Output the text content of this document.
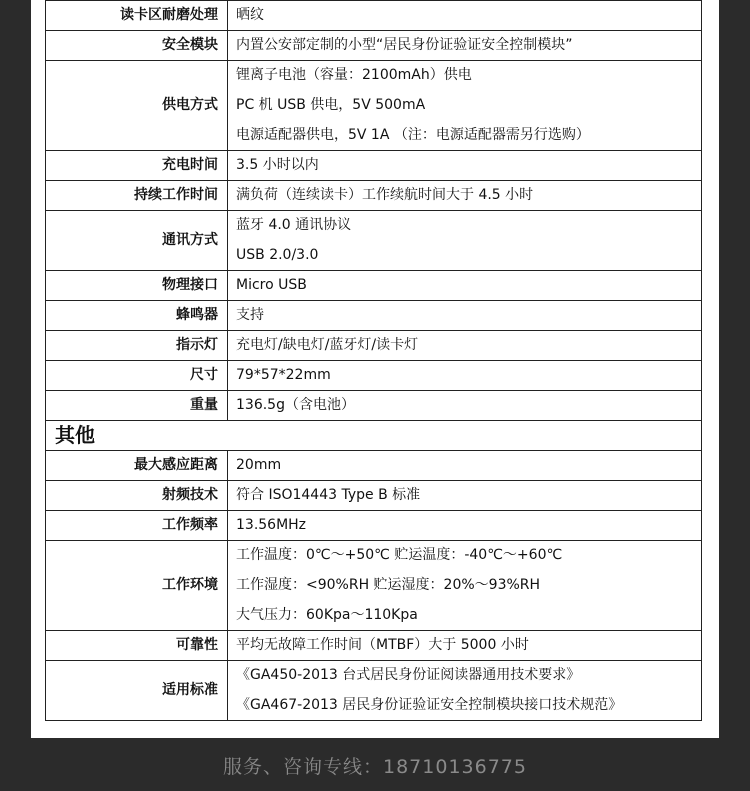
读卡区耐磨处理	晒纹

安全模块	内置公安部定制的小型“居民身份证验证安全控制模块”

供电方式	锂离子电池（容量：2100mAh）供电
PC 机 USB 供电，5V 500mA
电源适配器供电，5V 1A （注：电源适配器需另行选购）

充电时间	3.5 小时以内

持续工作时间	满负荷（连续读卡）工作续航时间大于 4.5 小时

通讯方式	蓝牙 4.0 通讯协议
USB 2.0/3.0

物理接口	Micro USB

蜂鸣器	支持

指示灯	充电灯/缺电灯/蓝牙灯/读卡灯

尺寸	79*57*22mm

重量	136.5g（含电池）

其他	
最大感应距离	20mm

射频技术	符合 ISO14443 Type B 标准

工作频率	13.56MHz

工作环境	工作温度：0℃～+50℃ 贮运温度：-40℃～+60℃
工作湿度：<90%RH 贮运湿度：20%～93%RH
大气压力：60Kpa～110Kpa

可靠性	平均无故障工作时间（MTBF）大于 5000 小时

适用标准	《GA450-2013 台式居民身份证阅读器通用技术要求》
《GA467-2013 居民身份证验证安全控制模块接口技术规范》
服务、咨询专线：18710136775
